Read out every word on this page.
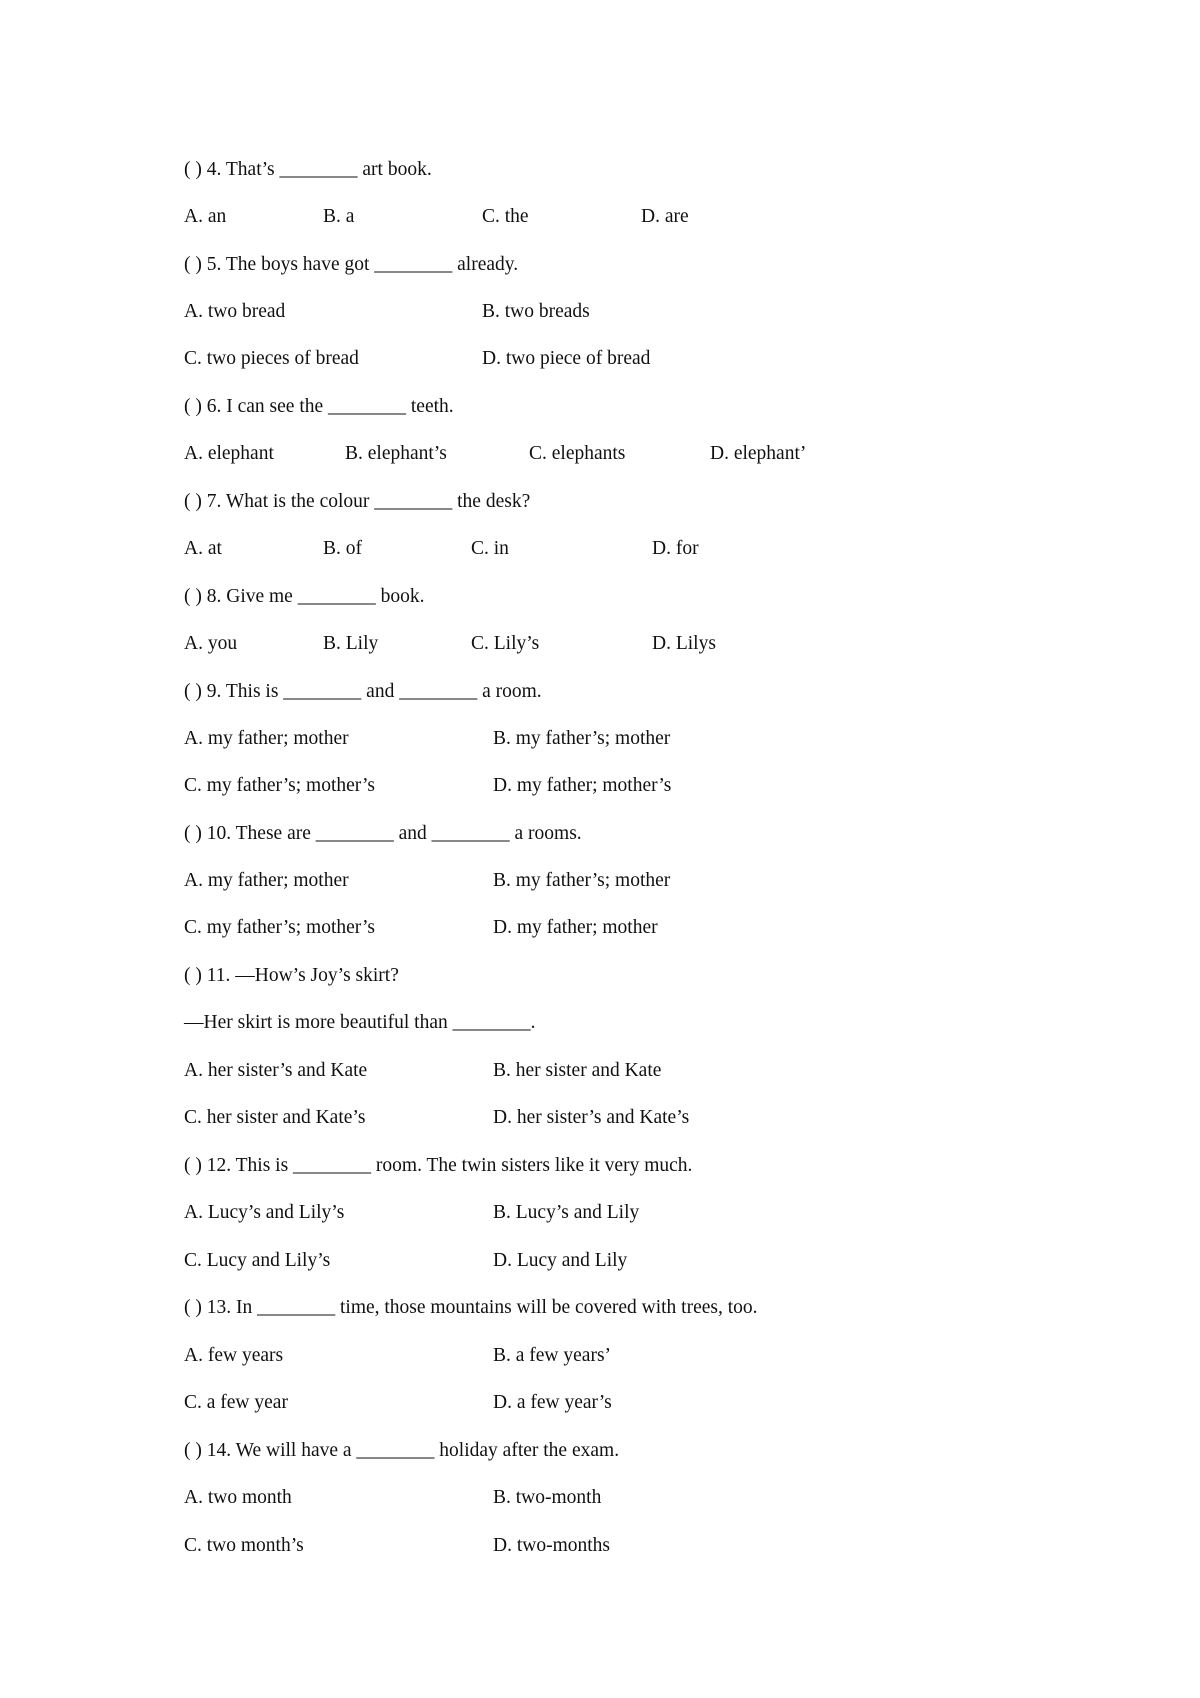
( ) 4. That’s ________ art book.
A. an	B. a	C. the	D. are
( ) 5. The boys have got ________ already.
A. two bread	B. two breads
C. two pieces of bread	D. two piece of bread
( ) 6. I can see the ________ teeth.
A. elephant	B. elephant’s	C. elephants	D. elephant’
( ) 7. What is the colour ________ the desk?
A. at	B. of	C. in	D. for
( ) 8. Give me ________ book.
A. you	B. Lily	C. Lily’s	D. Lilys
( ) 9. This is ________ and ________ a room.
A. my father; mother	B. my father’s; mother
C. my father’s; mother’s	D. my father; mother’s
( ) 10. These are ________ and ________ a rooms.
A. my father; mother	B. my father’s; mother
C. my father’s; mother’s	D. my father; mother
( ) 11. —How’s Joy’s skirt?
—Her skirt is more beautiful than ________.
A. her sister’s and Kate	B. her sister and Kate
C. her sister and Kate’s	D. her sister’s and Kate’s
( ) 12. This is ________ room. The twin sisters like it very much.
A. Lucy’s and Lily’s	B. Lucy’s and Lily
C. Lucy and Lily’s	D. Lucy and Lily
( ) 13. In ________ time, those mountains will be covered with trees, too.
A. few years	B. a few years’
C. a few year	D. a few year’s
( ) 14. We will have a ________ holiday after the exam.
A. two month	B. two-month
C. two month’s	D. two-months
